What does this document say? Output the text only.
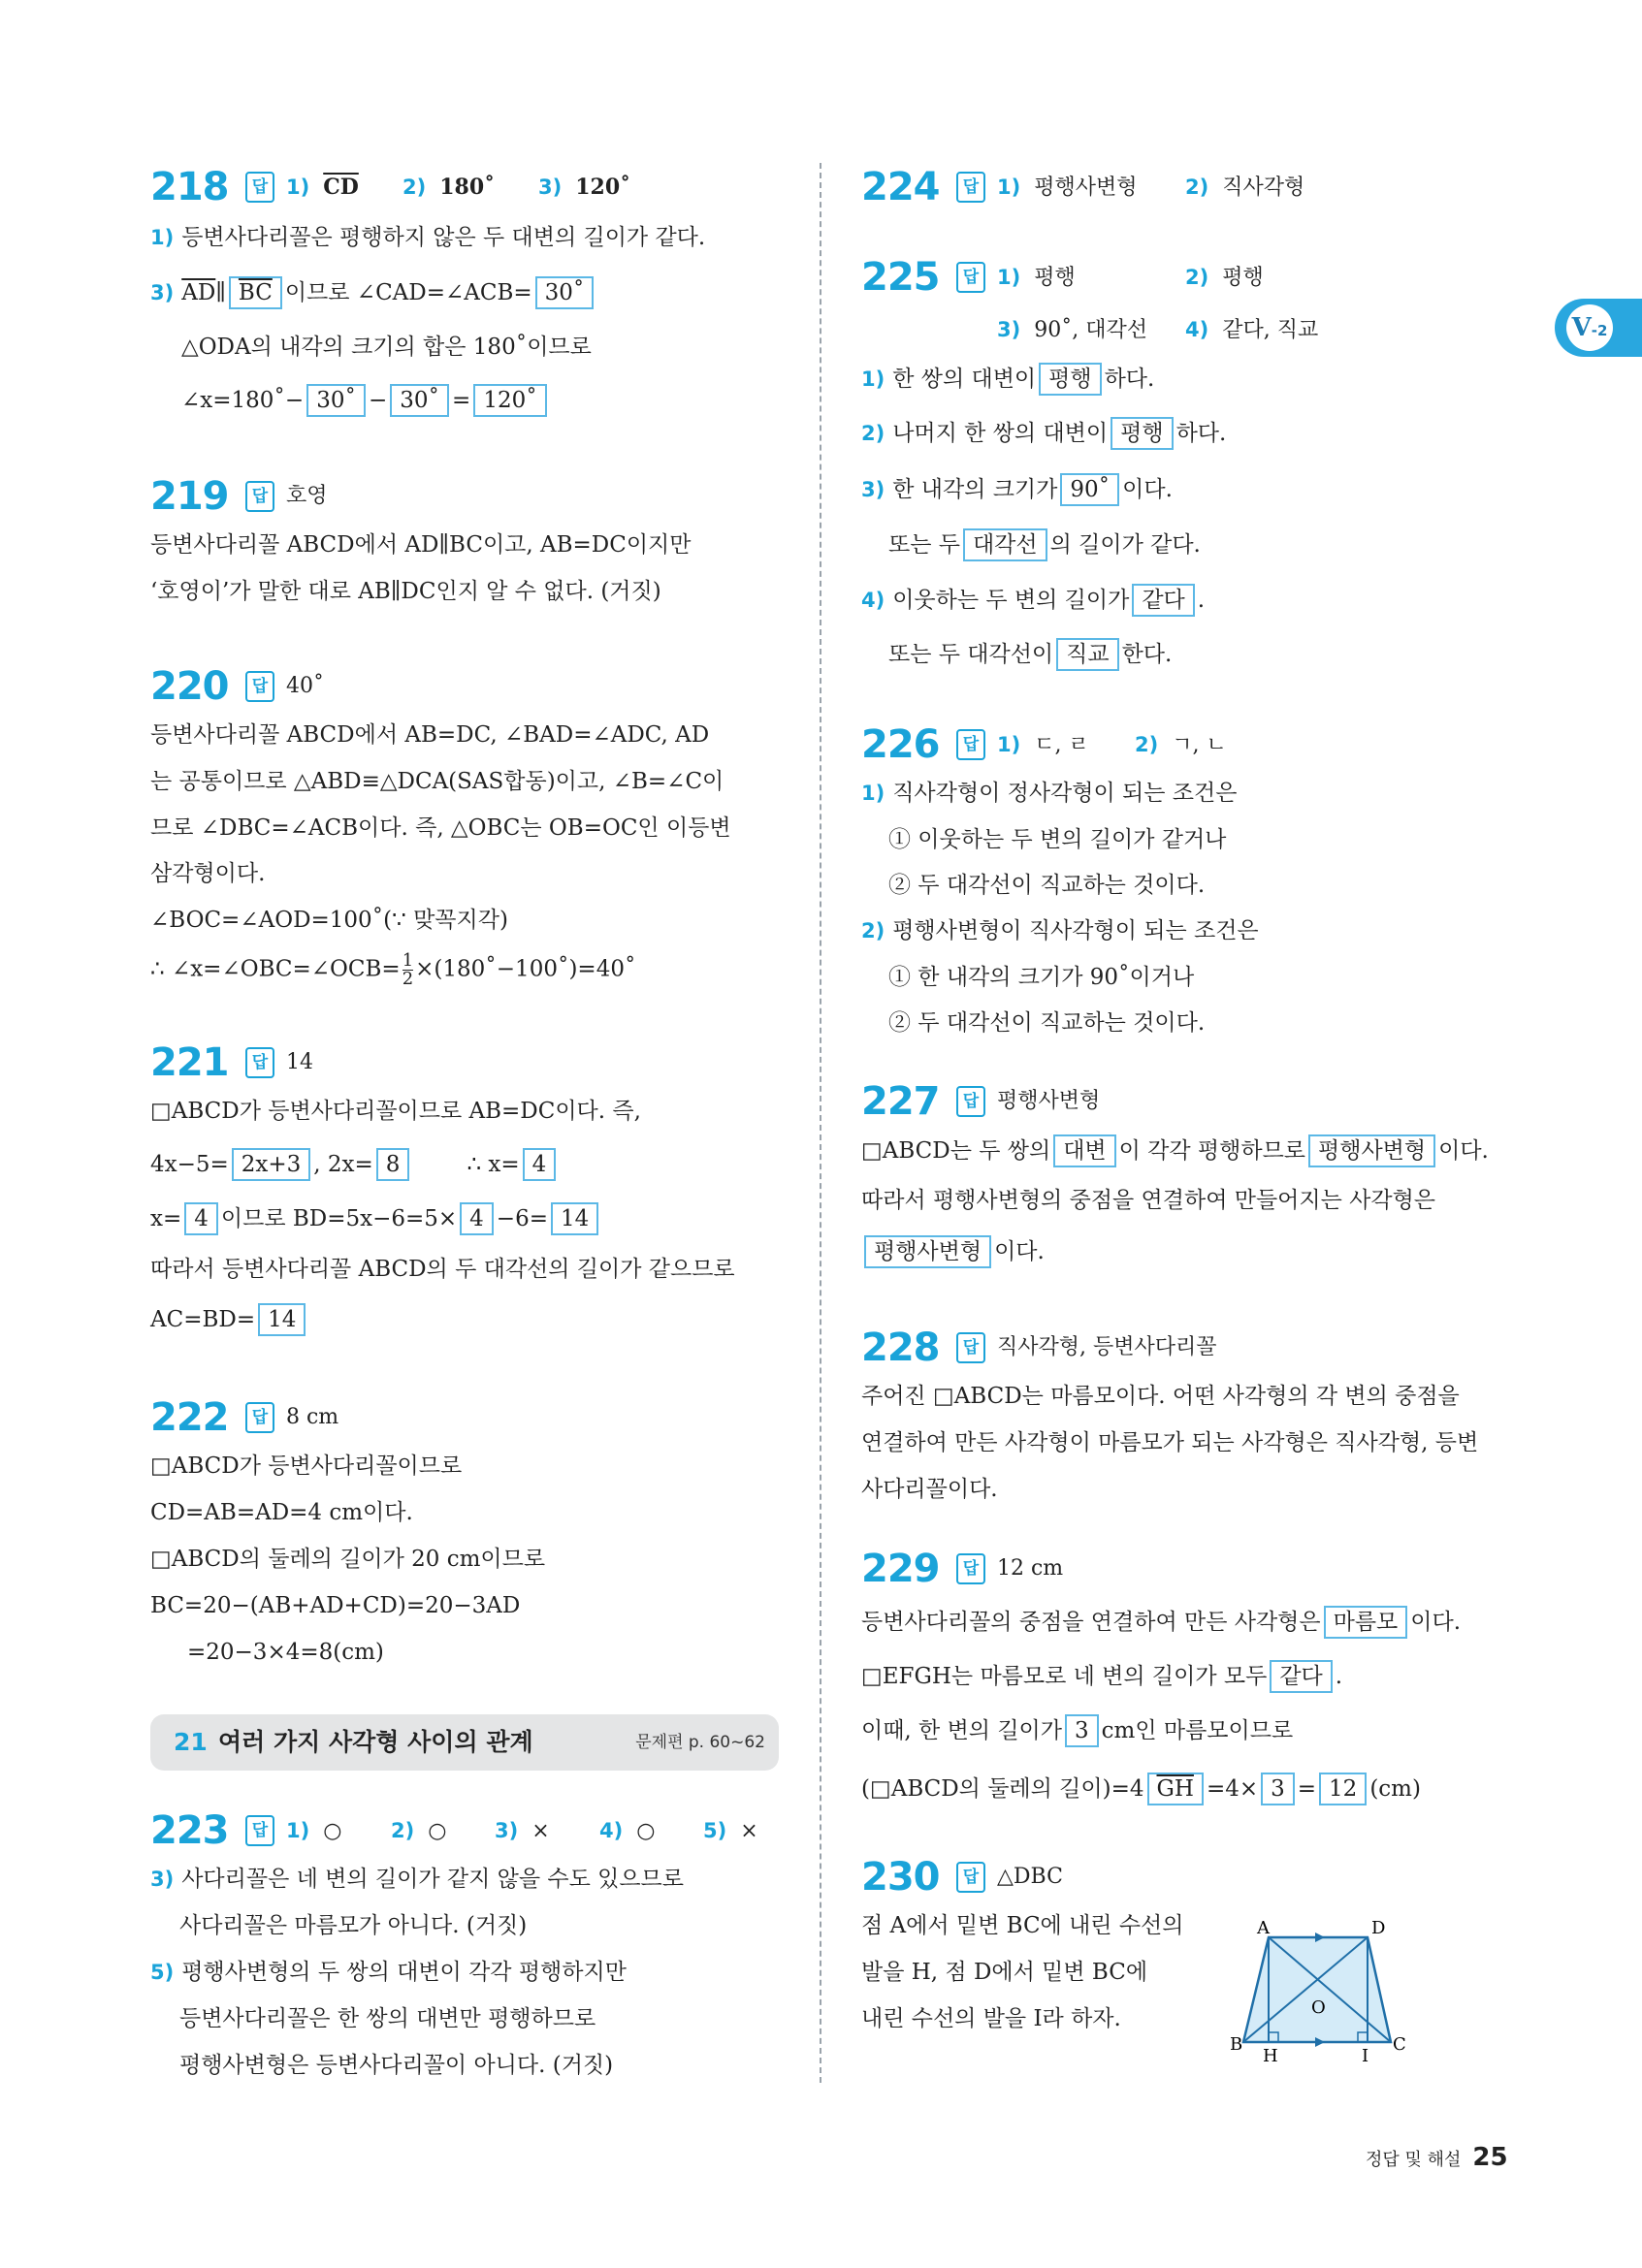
V-2
218	답 1) $\overline{CD}$ 2) 180˚ 3) 120˚
1) 등변사다리꼴은 평행하지 않은 두 대변의 길이가 같다.
3) $\overline{AD}\parallel$ $\overline{BC}$ 이므로 ∠CAD=∠ACB= 30˚
△ODA의 내각의 크기의 합은 180˚이므로
∠x=180˚− 30˚ − 30˚ = 120˚
219	답 호영
등변사다리꼴 ABCD에서 AD∥BC이고, AB=DC이지만
‘호영이’가 말한 대로 AB∥DC인지 알 수 없다. (거짓)
220	답 40˚
등변사다리꼴 ABCD에서 AB=DC, ∠BAD=∠ADC, AD
는 공통이므로 △ABD≡△DCA(SAS합동)이고, ∠B=∠C이
므로 ∠DBC=∠ACB이다. 즉, △OBC는 OB=OC인 이등변
삼각형이다.
∠BOC=∠AOD=100˚(∵ 맞꼭지각)
∴ ∠x=∠OBC=∠OCB= $\frac{1}{2}$ ×(180˚−100˚)=40˚
221	답 14
□ABCD가 등변사다리꼴이므로 AB=DC이다. 즉,
4x−5= 2x+3 , 2x= 8	∴ x= 4
x= 4 이므로 BD=5x−6=5× 4 −6= 14
따라서 등변사다리꼴 ABCD의 두 대각선의 길이가 같으므로
AC=BD= 14
222	답 8 cm
□ABCD가 등변사다리꼴이므로
CD=AB=AD=4 cm이다.
□ABCD의 둘레의 길이가 20 cm이므로
BC=20−(AB+AD+CD)=20−3AD
=20−3×4=8(cm)
21 여러 가지 사각형 사이의 관계	문제편 p. 60~62
223	답 1) ○ 2) ○ 3) × 4) ○ 5) ×
3) 사다리꼴은 네 변의 길이가 같지 않을 수도 있으므로
사다리꼴은 마름모가 아니다. (거짓)
5) 평행사변형의 두 쌍의 대변이 각각 평행하지만
등변사다리꼴은 한 쌍의 대변만 평행하므로
평행사변형은 등변사다리꼴이 아니다. (거짓)
224	답 1) 평행사변형 2) 직사각형
225	답 1) 평행	2) 평행
3) 90˚, 대각선 4) 같다, 직교
1) 한 쌍의 대변이 평행 하다.
2) 나머지 한 쌍의 대변이 평행 하다.
3) 한 내각의 크기가 90˚ 이다.
또는 두 대각선 의 길이가 같다.
4) 이웃하는 두 변의 길이가 같다 .
또는 두 대각선이 직교 한다.
226	답 1) ㄷ, ㄹ 2) ㄱ, ㄴ
1) 직사각형이 정사각형이 되는 조건은
① 이웃하는 두 변의 길이가 같거나
② 두 대각선이 직교하는 것이다.
2) 평행사변형이 직사각형이 되는 조건은
① 한 내각의 크기가 90˚이거나
② 두 대각선이 직교하는 것이다.
227	답 평행사변형
□ABCD는 두 쌍의 대변 이 각각 평행하므로 평행사변형 이다.
따라서 평행사변형의 중점을 연결하여 만들어지는 사각형은
평행사변형 이다.
228	답 직사각형, 등변사다리꼴
주어진 □ABCD는 마름모이다. 어떤 사각형의 각 변의 중점을
연결하여 만든 사각형이 마름모가 되는 사각형은 직사각형, 등변
사다리꼴이다.
229	답 12 cm
등변사다리꼴의 중점을 연결하여 만든 사각형은 마름모 이다.
□EFGH는 마름모로 네 변의 길이가 모두 같다 .
이때, 한 변의 길이가 3 cm인 마름모이므로
(□ABCD의 둘레의 길이)=4 $\overline{GH} =4\times 3 = 12$ (cm)
230	답 △DBC
점 A에서 밑변 BC에 내린 수선의
발을 H, 점 D에서 밑변 BC에
내린 수선의 발을 I라 하자.
A	D
B	C
H	I
O
정답 및 해설 25
